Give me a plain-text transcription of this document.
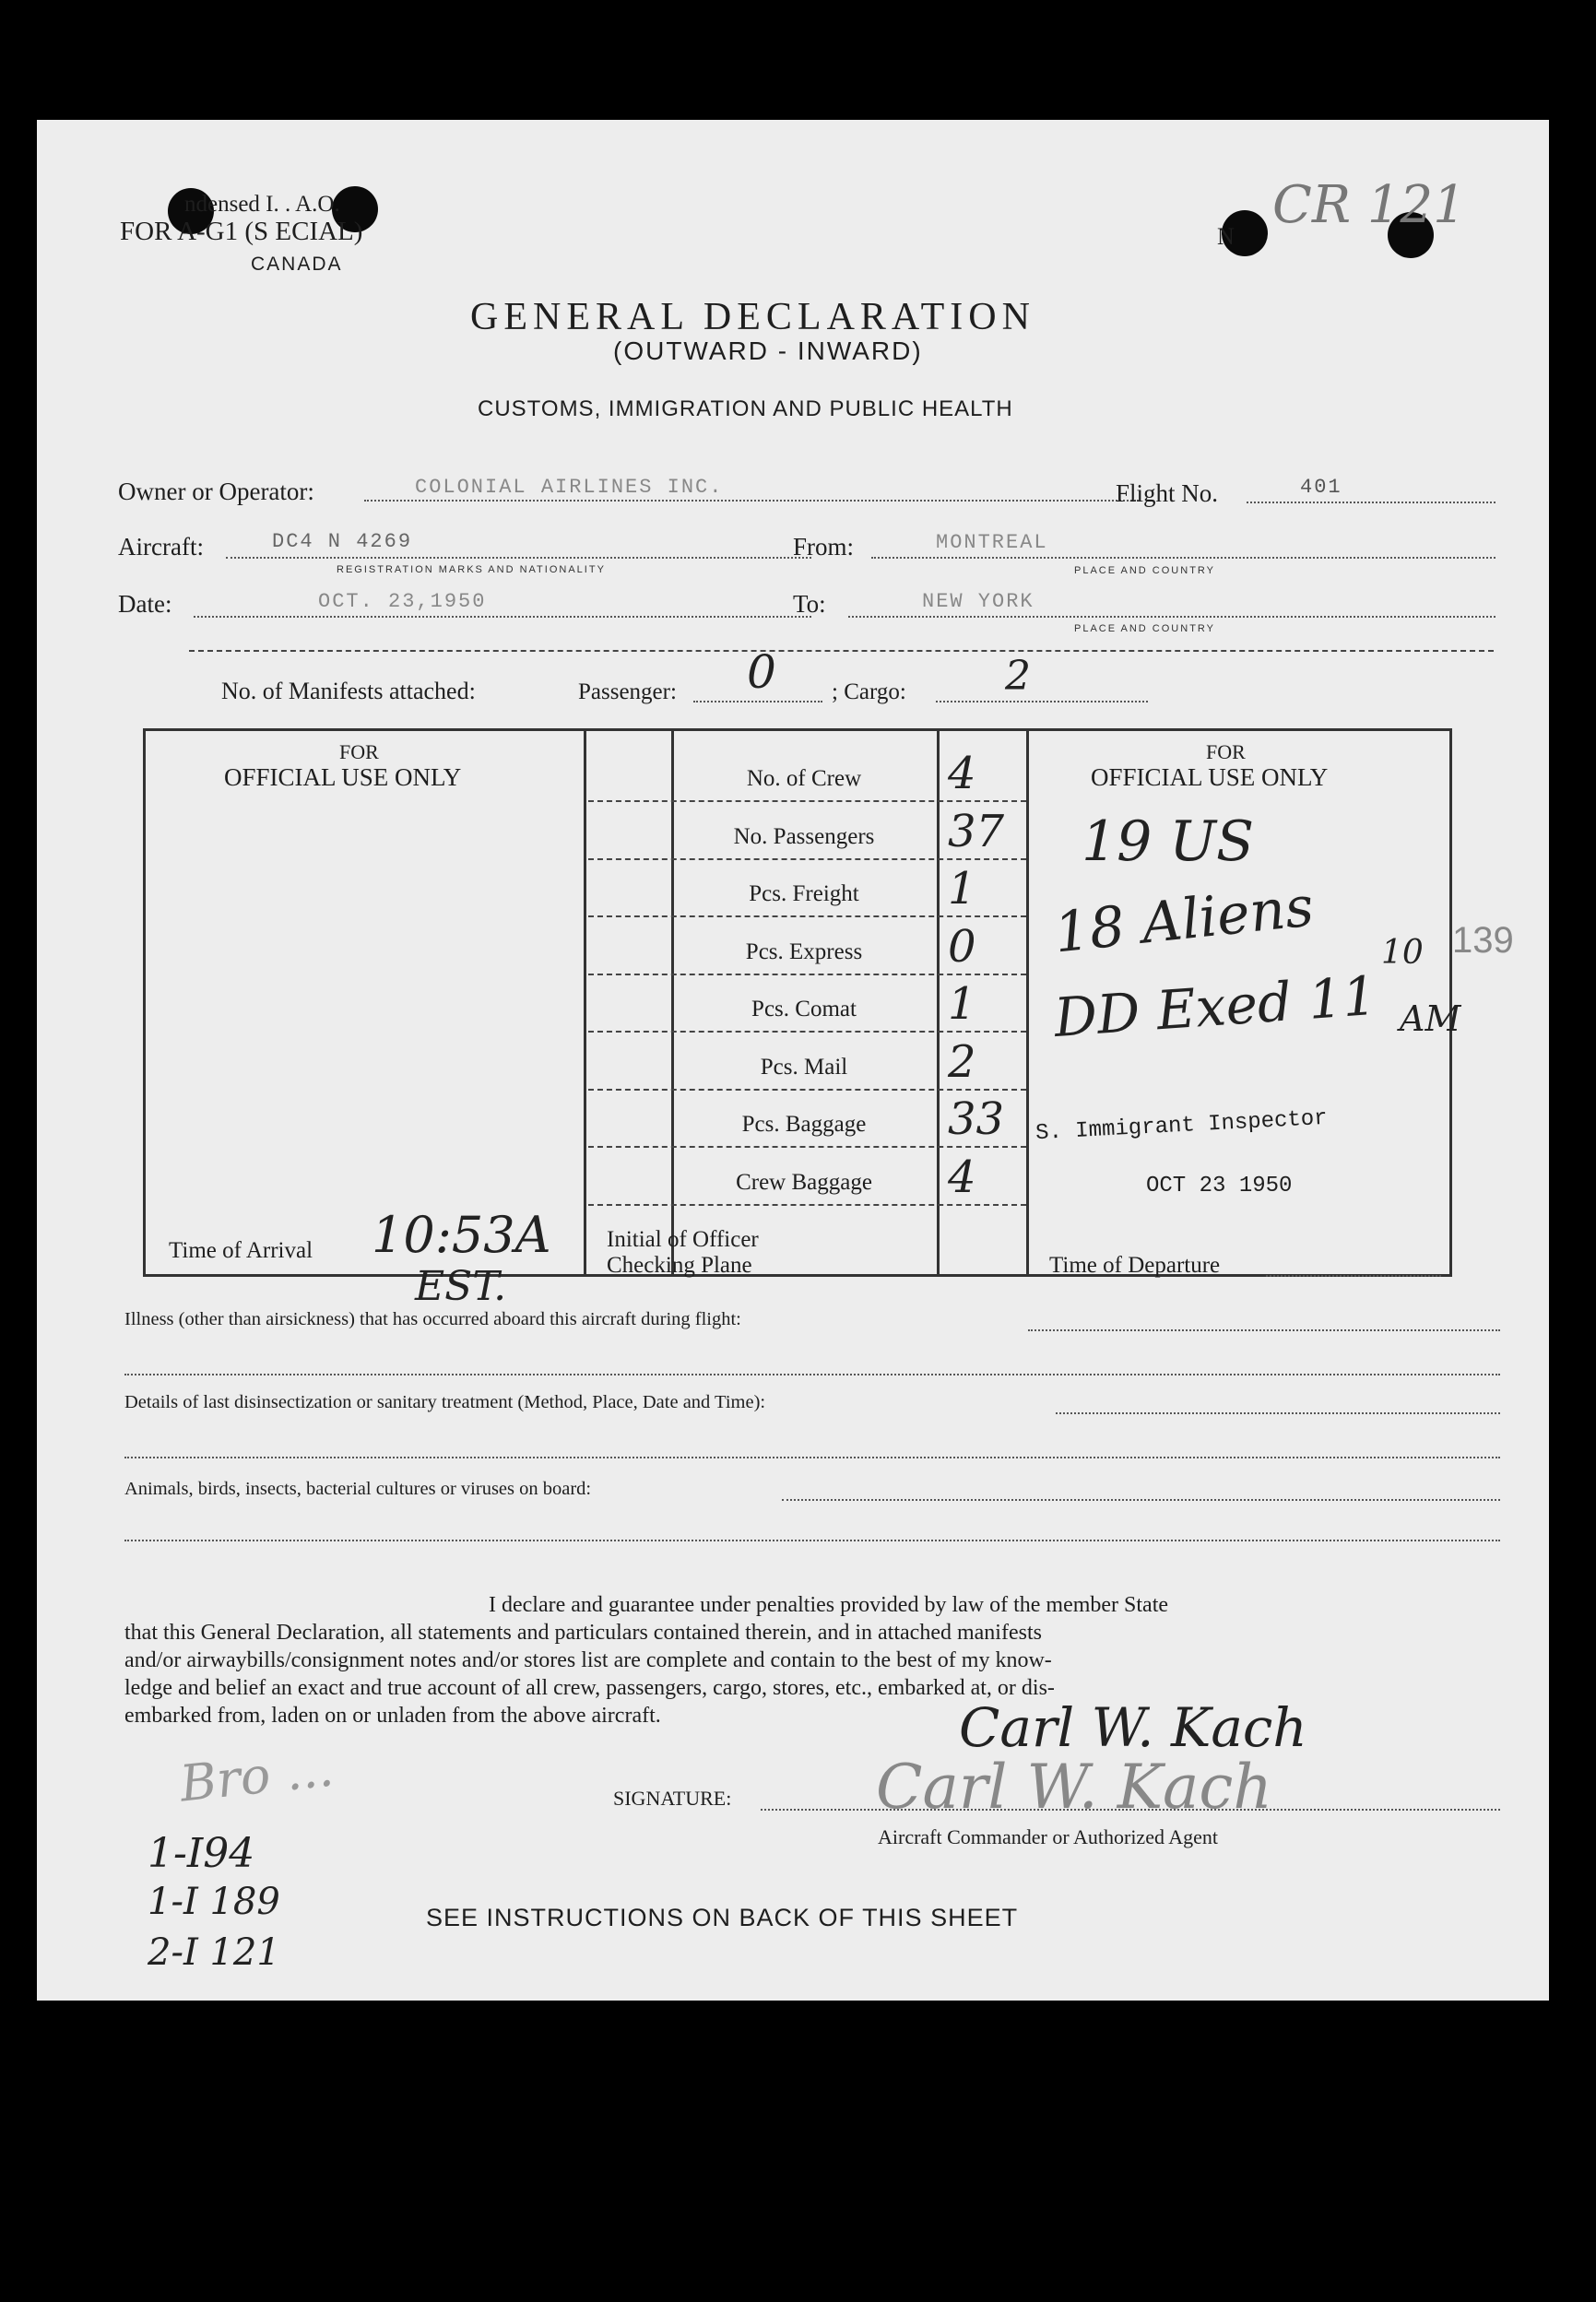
ndensed I. . A.O.
FOR A-G1 (S ECIAL)
CANADA
N
CR 121
GENERAL DECLARATION
(OUTWARD - INWARD)
CUSTOMS, IMMIGRATION AND PUBLIC HEALTH
Owner or Operator:	COLONIAL AIRLINES INC.	Flight No.	401
Aircraft:	DC4 N 4269
REGISTRATION MARKS AND NATIONALITY
From:	MONTREAL
PLACE AND COUNTRY
Date:	OCT. 23,1950	To:	NEW YORK
PLACE AND COUNTRY
No. of Manifests attached:	Passenger: 0 ; Cargo: 2
FOR
OFFICIAL USE ONLY
FOR
OFFICIAL USE ONLY
No. of Crew	4
No. Passengers	37
Pcs. Freight	1
Pcs. Express	0
Pcs. Comat	1
Pcs. Mail	2
Pcs. Baggage	33
Crew Baggage	4
19 US
18 Aliens
DD Exed 11
10
AM
S. Immigrant Inspector
OCT 23 1950
Time of Arrival 10:53A Initial of Officer
Checking Plane	Time of Departure
EST.
139
Illness (other than airsickness) that has occurred aboard this aircraft during flight:
Details of last disinsectization or sanitary treatment (Method, Place, Date and Time):
Animals, birds, insects, bacterial cultures or viruses on board:
I declare and guarantee under penalties provided by law of the member State
that this General Declaration, all statements and particulars contained therein, and in attached manifests
and/or airwaybills/consignment notes and/or stores list are complete and contain to the best of my know-
ledge and belief an exact and true account of all crew, passengers, cargo, stores, etc., embarked at, or dis-
embarked from, laden on or unladen from the above aircraft.	Carl W. Kach
SIGNATURE: Carl W. Kach
Aircraft Commander or Authorized Agent
Bro ...
1-I94
1-I 189
2-I 121
SEE INSTRUCTIONS ON BACK OF THIS SHEET
